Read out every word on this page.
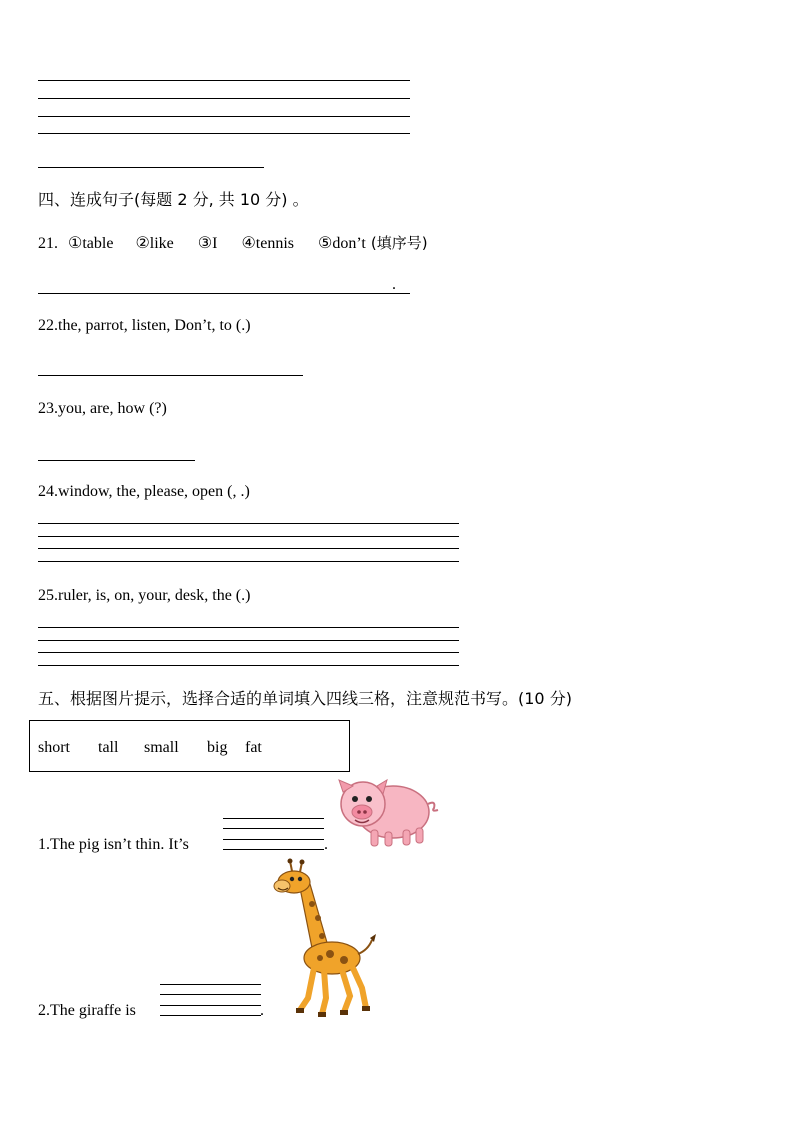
四、连成句子(每题 2 分, 共 10 分) 。
21. ①table ②like ③I ④tennis ⑤don’t (填序号)
.
22.the, parrot, listen, Don’t, to (.)
23.you, are, how (?)
24.window, the, please, open (, .)
25.ruler, is, on, your, desk, the (.)
五、根据图片提示，选择合适的单词填入四线三格，注意规范书写。(10 分)
short tall small big fat
1.The pig isn’t thin. It’s	.
2.The giraffe is	.
